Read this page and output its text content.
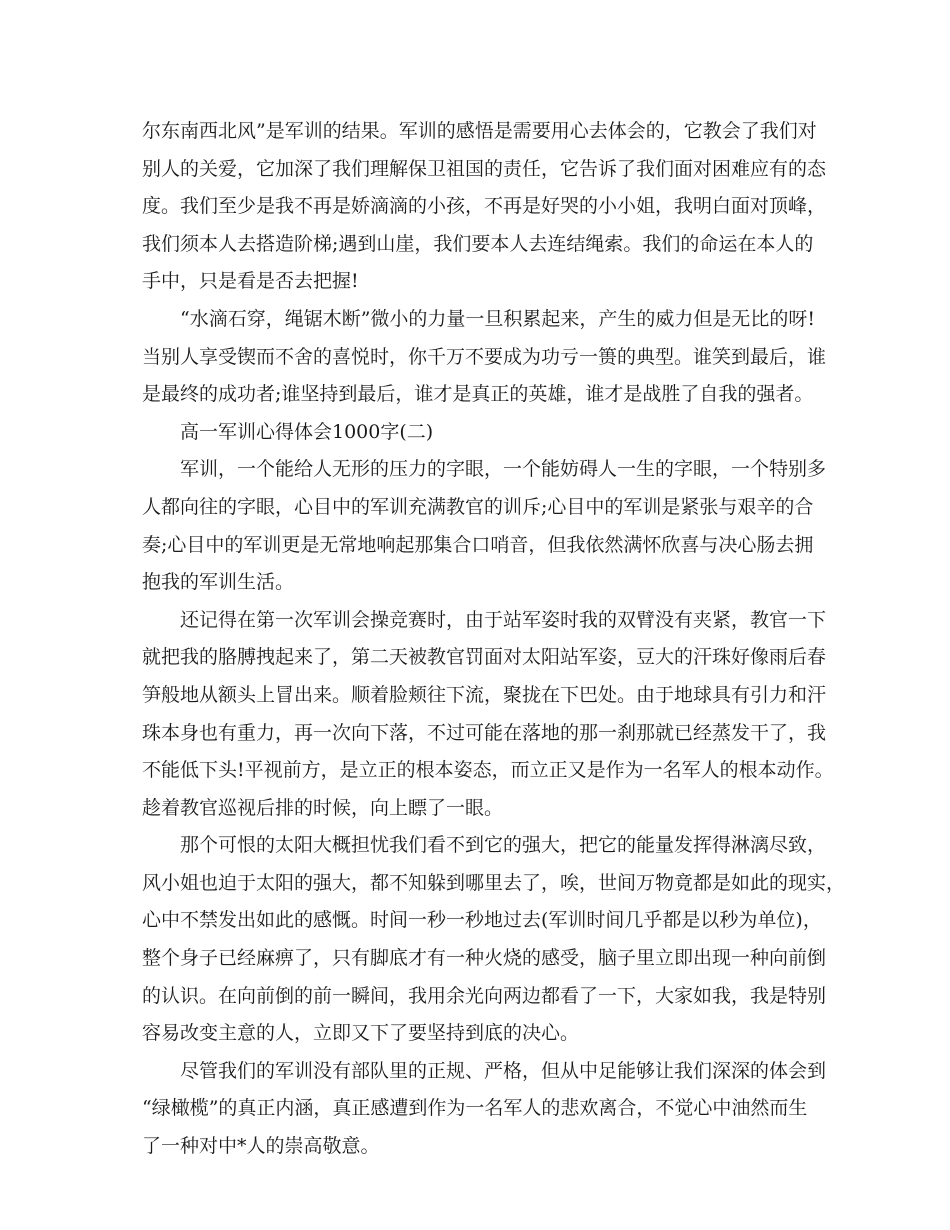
尔东南西北风”是军训的结果。军训的感悟是需要用心去体会的，它教会了我们对
别人的关爱，它加深了我们理解保卫祖国的责任，它告诉了我们面对困难应有的态
度。我们至少是我不再是娇滴滴的小孩，不再是好哭的小小姐，我明白面对顶峰，
我们须本人去搭造阶梯;遇到山崖，我们要本人去连结绳索。我们的命运在本人的
手中，只是看是否去把握!
“水滴石穿，绳锯木断”微小的力量一旦积累起来，产生的威力但是无比的呀!
当别人享受锲而不舍的喜悦时，你千万不要成为功亏一篑的典型。谁笑到最后，谁
是最终的成功者;谁坚持到最后，谁才是真正的英雄，谁才是战胜了自我的强者。
高一军训心得体会1000字(二)
军训，一个能给人无形的压力的字眼，一个能妨碍人一生的字眼，一个特别多
人都向往的字眼，心目中的军训充满教官的训斥;心目中的军训是紧张与艰辛的合
奏;心目中的军训更是无常地响起那集合口哨音，但我依然满怀欣喜与决心肠去拥
抱我的军训生活。
还记得在第一次军训会操竞赛时，由于站军姿时我的双臂没有夹紧，教官一下
就把我的胳膊拽起来了，第二天被教官罚面对太阳站军姿，豆大的汗珠好像雨后春
笋般地从额头上冒出来。顺着脸颊往下流，聚拢在下巴处。由于地球具有引力和汗
珠本身也有重力，再一次向下落，不过可能在落地的那一刹那就已经蒸发干了，我
不能低下头!平视前方，是立正的根本姿态，而立正又是作为一名军人的根本动作。
趁着教官巡视后排的时候，向上瞟了一眼。
那个可恨的太阳大概担忧我们看不到它的强大，把它的能量发挥得淋漓尽致，
风小姐也迫于太阳的强大，都不知躲到哪里去了，唉，世间万物竟都是如此的现实，
心中不禁发出如此的感慨。时间一秒一秒地过去(军训时间几乎都是以秒为单位)，
整个身子已经麻痹了，只有脚底才有一种火烧的感受，脑子里立即出现一种向前倒
的认识。在向前倒的前一瞬间，我用余光向两边都看了一下，大家如我，我是特别
容易改变主意的人，立即又下了要坚持到底的决心。
尽管我们的军训没有部队里的正规、严格，但从中足能够让我们深深的体会到
“绿橄榄”的真正内涵，真正感遭到作为一名军人的悲欢离合，不觉心中油然而生
了一种对中*人的崇高敬意。
